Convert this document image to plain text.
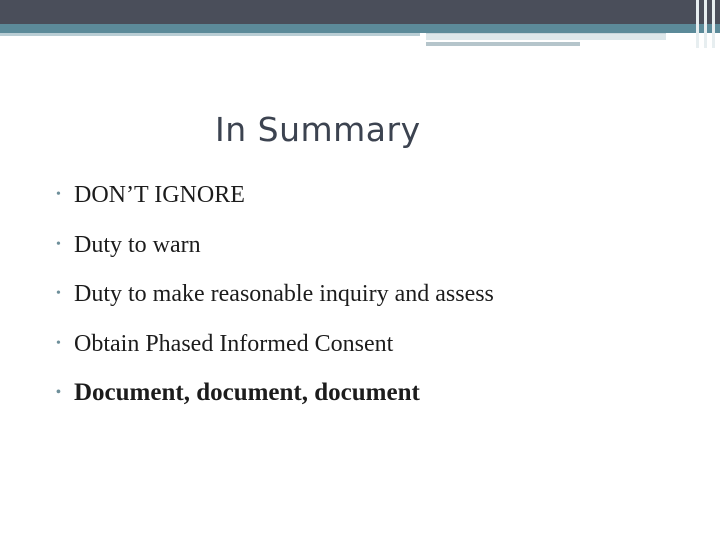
In Summary
• DON’T IGNORE
• Duty to warn
• Duty to make reasonable inquiry and assess
• Obtain Phased Informed Consent
• Document, document, document
